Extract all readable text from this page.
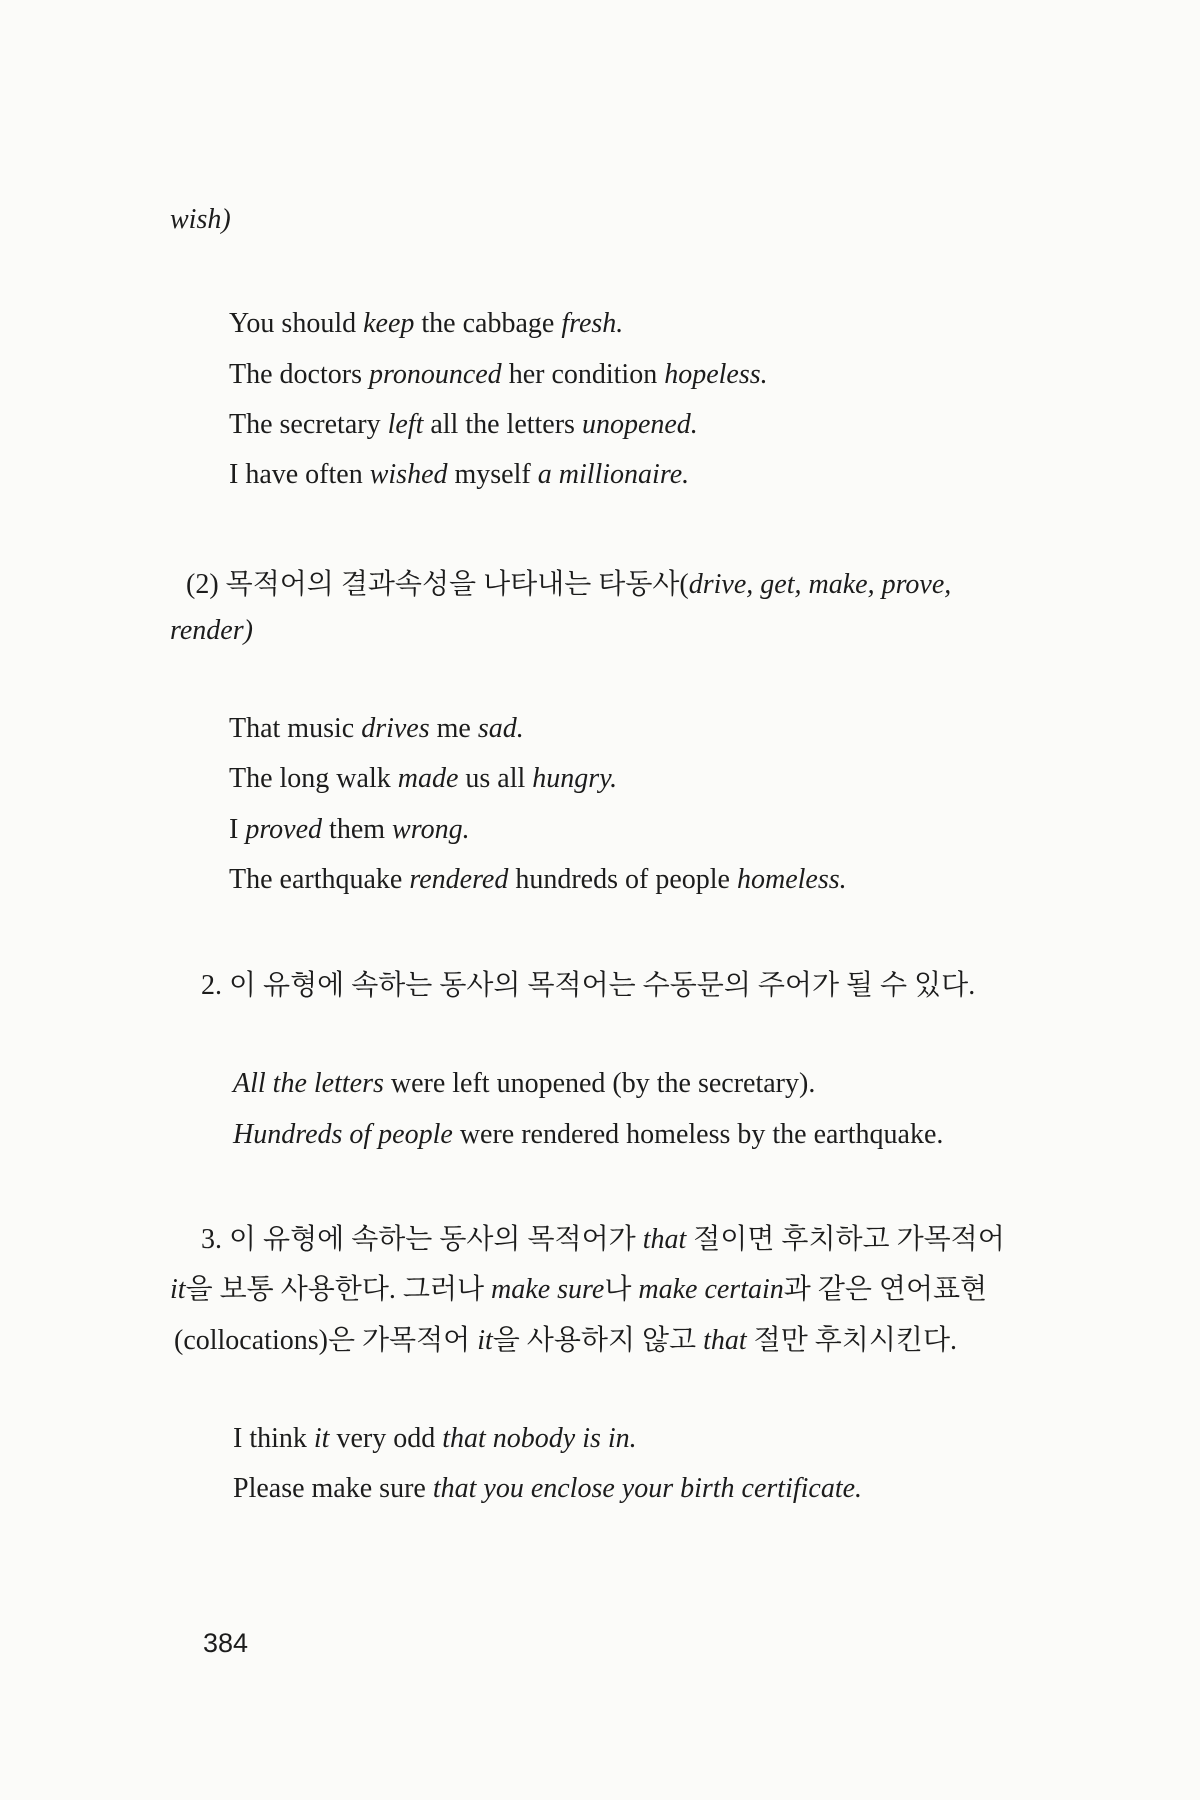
wish)
You should keep the cabbage fresh.
The doctors pronounced her condition hopeless.
The secretary left all the letters unopened.
I have often wished myself a millionaire.
(2) 목적어의 결과속성을 나타내는 타동사(drive, get, make, prove,
render)
That music drives me sad.
The long walk made us all hungry.
I proved them wrong.
The earthquake rendered hundreds of people homeless.
2. 이 유형에 속하는 동사의 목적어는 수동문의 주어가 될 수 있다.
All the letters were left unopened (by the secretary).
Hundreds of people were rendered homeless by the earthquake.
3. 이 유형에 속하는 동사의 목적어가 that 절이면 후치하고 가목적어
it을 보통 사용한다. 그러나 make sure나 make certain과 같은 연어표현
(collocations)은 가목적어 it을 사용하지 않고 that 절만 후치시킨다.
I think it very odd that nobody is in.
Please make sure that you enclose your birth certificate.
384
